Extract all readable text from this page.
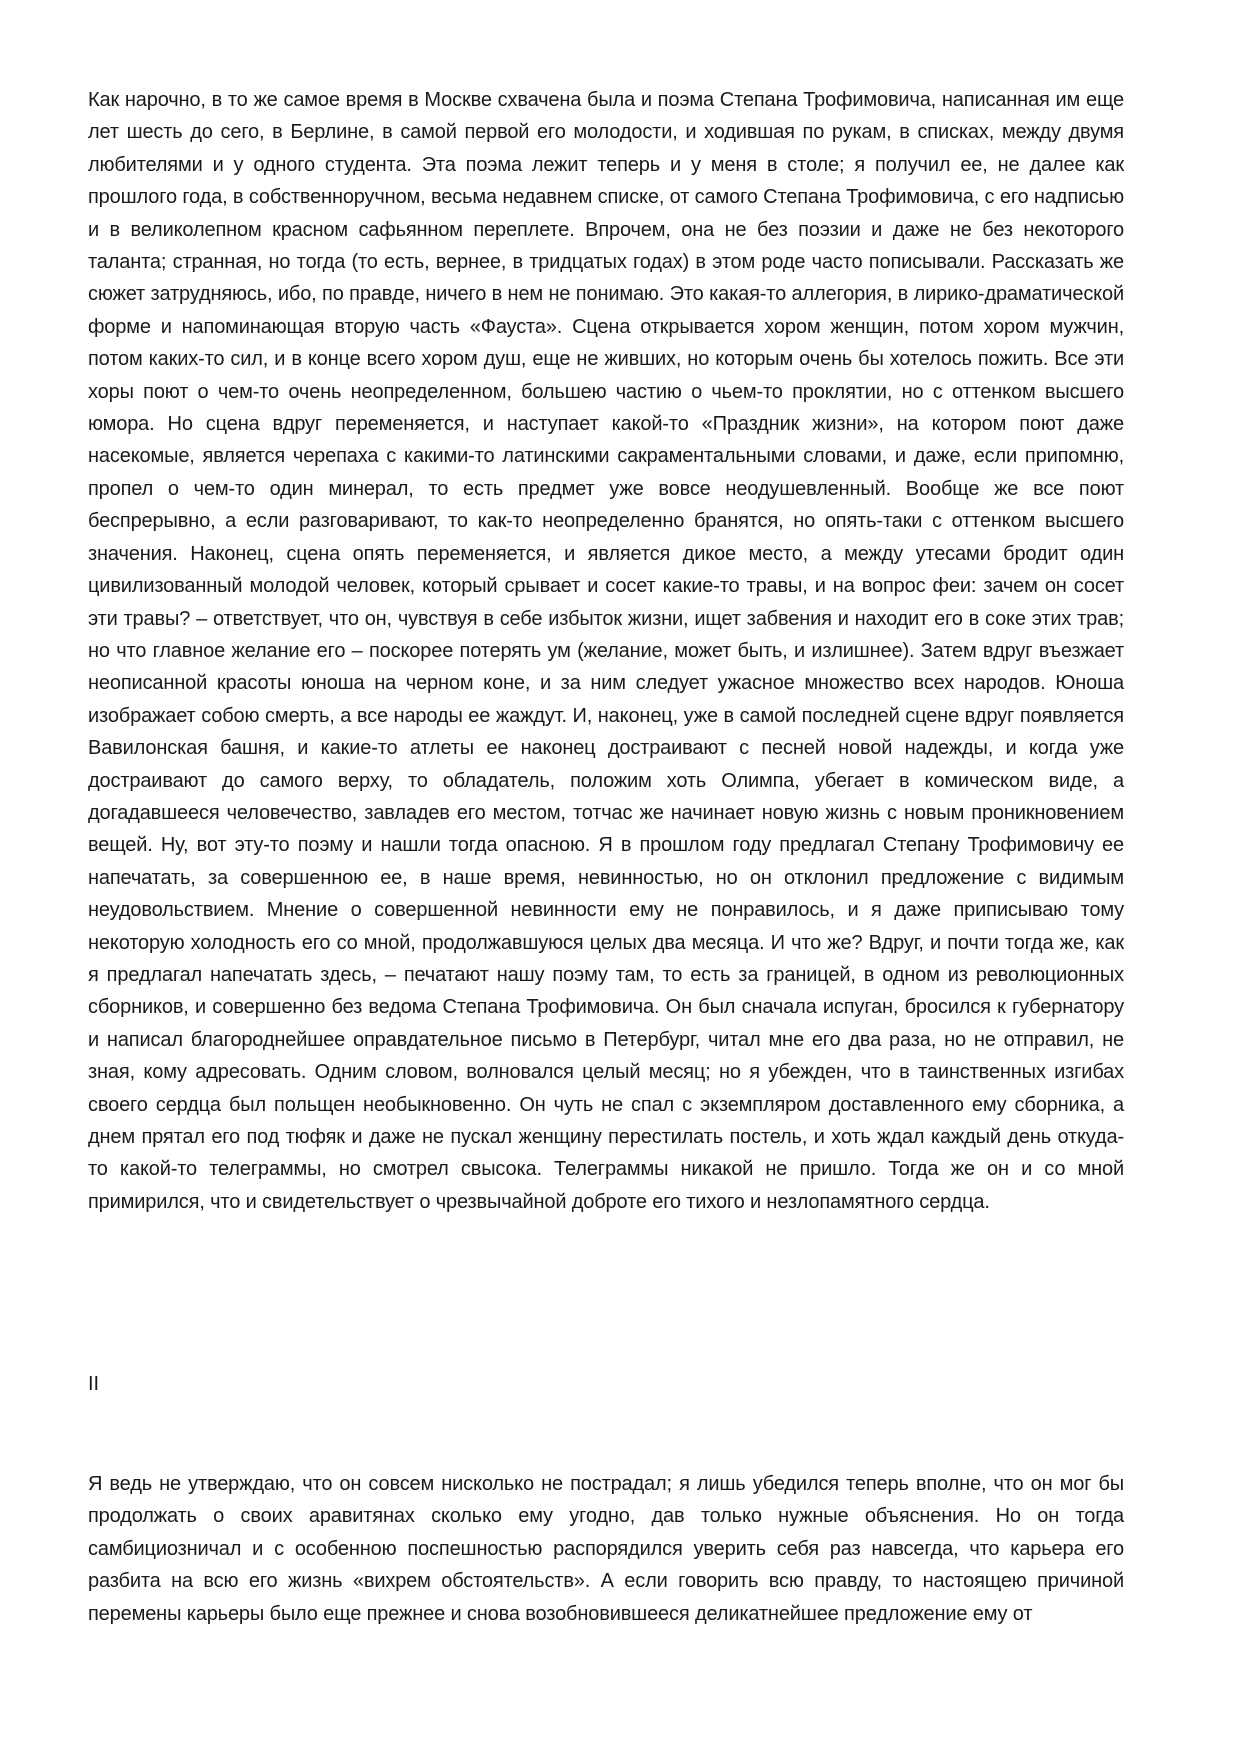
Как нарочно, в то же самое время в Москве схвачена была и поэма Степана Трофимовича, написанная им еще лет шесть до сего, в Берлине, в самой первой его молодости, и ходившая по рукам, в списках, между двумя любителями и у одного студента. Эта поэма лежит теперь и у меня в столе; я получил ее, не далее как прошлого года, в собственноручном, весьма недавнем списке, от самого Степана Трофимовича, с его надписью и в великолепном красном сафьянном переплете. Впрочем, она не без поэзии и даже не без некоторого таланта; странная, но тогда (то есть, вернее, в тридцатых годах) в этом роде часто пописывали. Рассказать же сюжет затрудняюсь, ибо, по правде, ничего в нем не понимаю. Это какая-то аллегория, в лирико-драматической форме и напоминающая вторую часть «Фауста». Сцена открывается хором женщин, потом хором мужчин, потом каких-то сил, и в конце всего хором душ, еще не живших, но которым очень бы хотелось пожить. Все эти хоры поют о чем-то очень неопределенном, большею частию о чьем-то проклятии, но с оттенком высшего юмора. Но сцена вдруг переменяется, и наступает какой-то «Праздник жизни», на котором поют даже насекомые, является черепаха с какими-то латинскими сакраментальными словами, и даже, если припомню, пропел о чем-то один минерал, то есть предмет уже вовсе неодушевленный. Вообще же все поют беспрерывно, а если разговаривают, то как-то неопределенно бранятся, но опять-таки с оттенком высшего значения. Наконец, сцена опять переменяется, и является дикое место, а между утесами бродит один цивилизованный молодой человек, который срывает и сосет какие-то травы, и на вопрос феи: зачем он сосет эти травы? – ответствует, что он, чувствуя в себе избыток жизни, ищет забвения и находит его в соке этих трав; но что главное желание его – поскорее потерять ум (желание, может быть, и излишнее). Затем вдруг въезжает неописанной красоты юноша на черном коне, и за ним следует ужасное множество всех народов. Юноша изображает собою смерть, а все народы ее жаждут. И, наконец, уже в самой последней сцене вдруг появляется Вавилонская башня, и какие-то атлеты ее наконец достраивают с песней новой надежды, и когда уже достраивают до самого верху, то обладатель, положим хоть Олимпа, убегает в комическом виде, а догадавшееся человечество, завладев его местом, тотчас же начинает новую жизнь с новым проникновением вещей. Ну, вот эту-то поэму и нашли тогда опасною. Я в прошлом году предлагал Степану Трофимовичу ее напечатать, за совершенною ее, в наше время, невинностью, но он отклонил предложение с видимым неудовольствием. Мнение о совершенной невинности ему не понравилось, и я даже приписываю тому некоторую холодность его со мной, продолжавшуюся целых два месяца. И что же? Вдруг, и почти тогда же, как я предлагал напечатать здесь, – печатают нашу поэму там, то есть за границей, в одном из революционных сборников, и совершенно без ведома Степана Трофимовича. Он был сначала испуган, бросился к губернатору и написал благороднейшее оправдательное письмо в Петербург, читал мне его два раза, но не отправил, не зная, кому адресовать. Одним словом, волновался целый месяц; но я убежден, что в таинственных изгибах своего сердца был польщен необыкновенно. Он чуть не спал с экземпляром доставленного ему сборника, а днем прятал его под тюфяк и даже не пускал женщину перестилать постель, и хоть ждал каждый день откуда-то какой-то телеграммы, но смотрел свысока. Телеграммы никакой не пришло. Тогда же он и со мной примирился, что и свидетельствует о чрезвычайной доброте его тихого и незлопамятного сердца.

II

Я ведь не утверждаю, что он совсем нисколько не пострадал; я лишь убедился теперь вполне, что он мог бы продолжать о своих аравитянах сколько ему угодно, дав только нужные объяснения. Но он тогда самбициозничал и с особенною поспешностью распорядился уверить себя раз навсегда, что карьера его разбита на всю его жизнь «вихрем обстоятельств». А если говорить всю правду, то настоящею причиной перемены карьеры было еще прежнее и снова возобновившееся деликатнейшее предложение ему от
